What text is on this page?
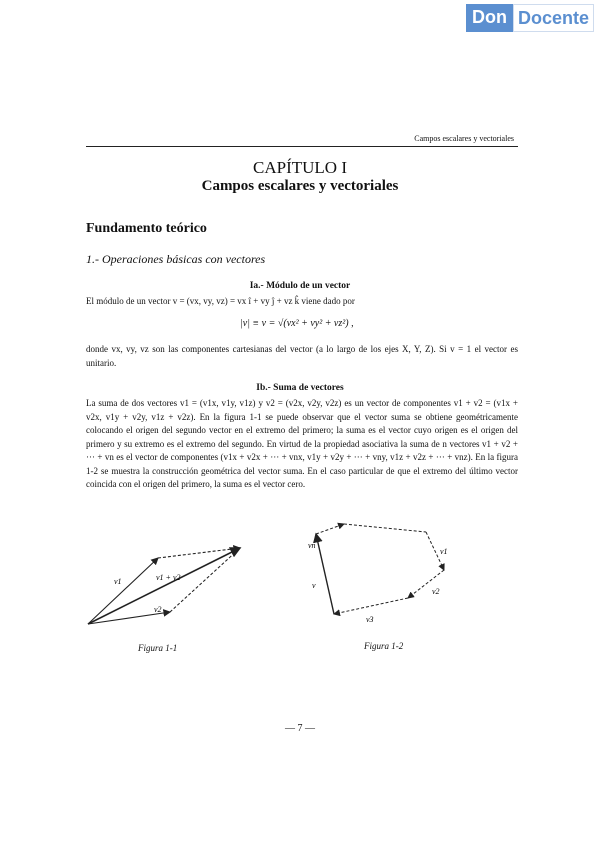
Don Docente
Campos escalares y vectoriales
CAPÍTULO I
Campos escalares y vectoriales
Fundamento teórico
1.- Operaciones básicas con vectores
Ia.- Módulo de un vector
El módulo de un vector v = (vx, vy, vz) = vx î + vy ĵ + vz k̂ viene dado por
|v| ≡ v = √(vx² + vy² + vz²) ,
donde vx, vy, vz son las componentes cartesianas del vector (a lo largo de los ejes X, Y, Z). Si v = 1 el vector es unitario.
Ib.- Suma de vectores
La suma de dos vectores v1 = (v1x, v1y, v1z) y v2 = (v2x, v2y, v2z) es un vector de componentes v1 + v2 = (v1x + v2x, v1y + v2y, v1z + v2z). En la figura 1-1 se puede observar que el vector suma se obtiene geométricamente colocando el origen del segundo vector en el extremo del primero; la suma es el vector cuyo origen es el origen del primero y su extremo es el extremo del segundo. En virtud de la propiedad asociativa la suma de n vectores v1 + v2 + ··· + vn es el vector de componentes (v1x + v2x + ··· + vnx, v1y + v2y + ··· + vny, v1z + v2z + ··· + vnz). En la figura 1-2 se muestra la construcción geométrica del vector suma. En el caso particular de que el extremo del último vector coincida con el origen del primero, la suma es el vector cero.
v1	v1 + v2
v2
Figura 1-1
vn
v1
v2
v3
v
Figura 1-2
— 7 —
